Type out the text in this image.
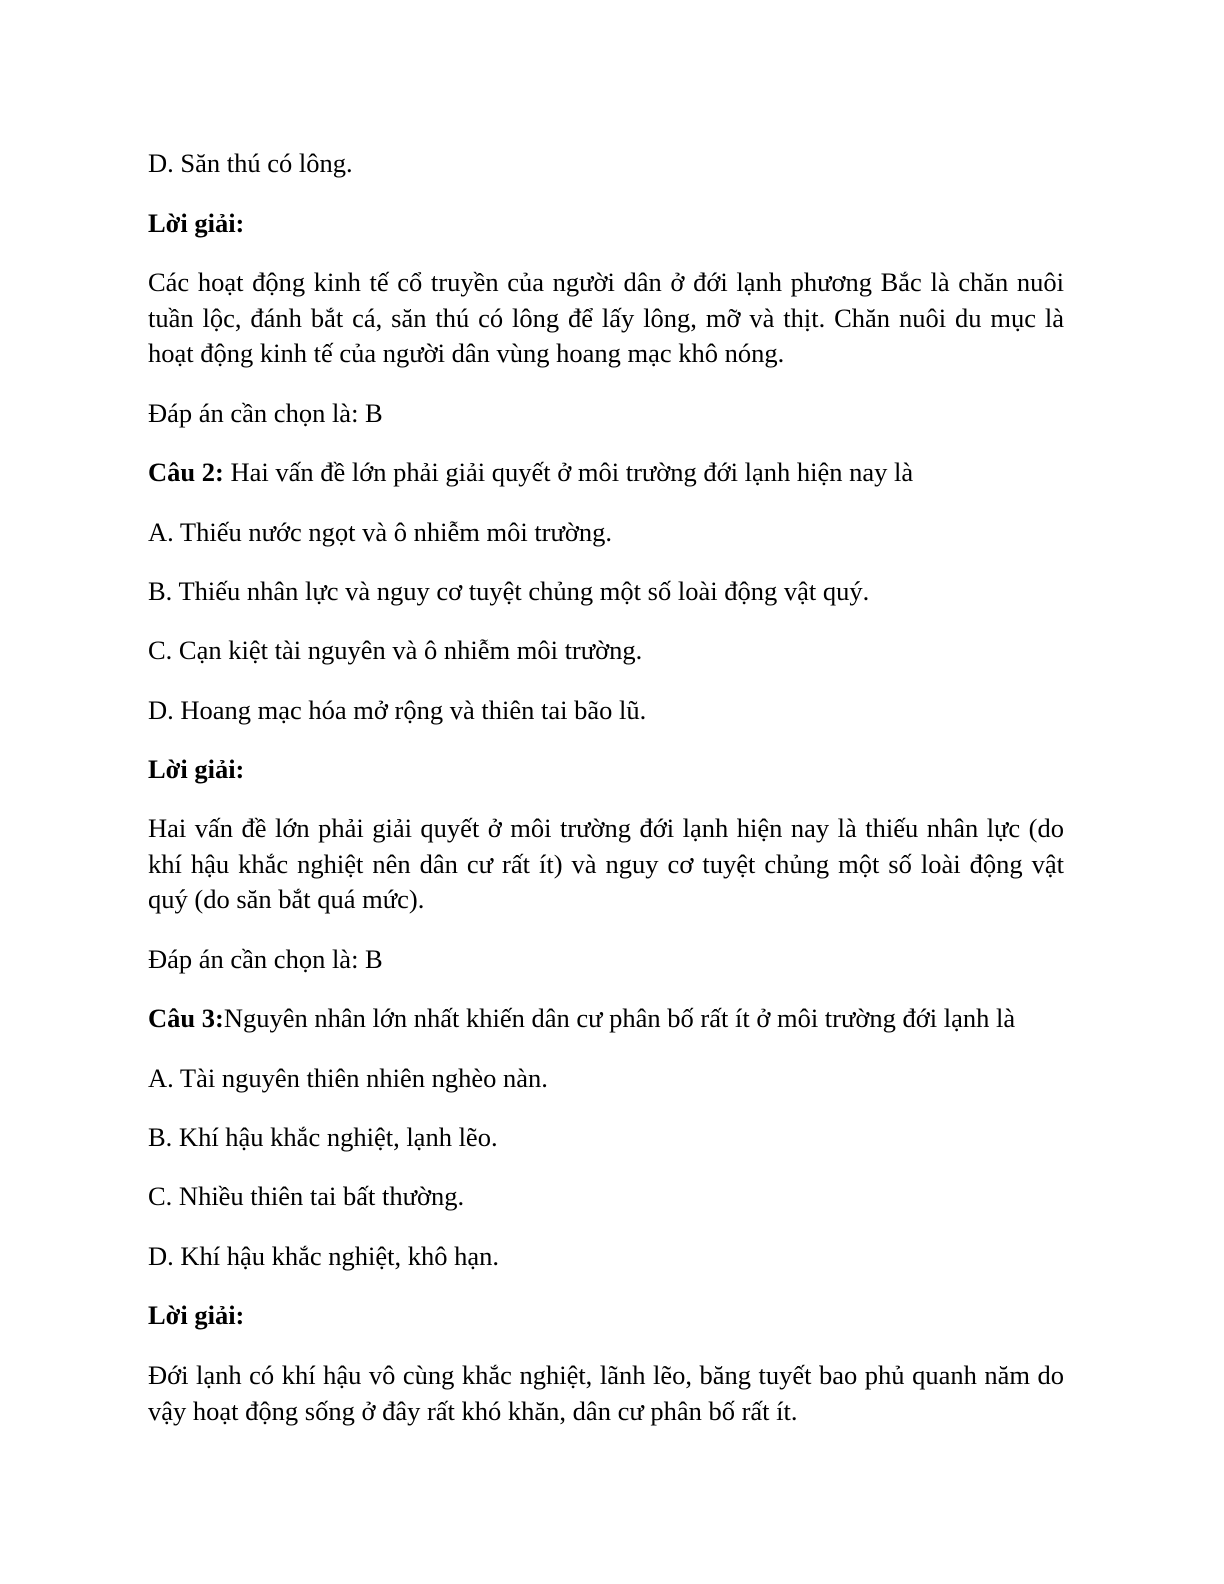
D. Săn thú có lông.
Lời giải:
Các hoạt động kinh tế cổ truyền của người dân ở đới lạnh phương Bắc là chăn nuôi tuần lộc, đánh bắt cá, săn thú có lông để lấy lông, mỡ và thịt. Chăn nuôi du mục là hoạt động kinh tế của người dân vùng hoang mạc khô nóng.
Đáp án cần chọn là: B
Câu 2: Hai vấn đề lớn phải giải quyết ở môi trường đới lạnh hiện nay là
A. Thiếu nước ngọt và ô nhiễm môi trường.
B. Thiếu nhân lực và nguy cơ tuyệt chủng một số loài động vật quý.
C. Cạn kiệt tài nguyên và ô nhiễm môi trường.
D. Hoang mạc hóa mở rộng và thiên tai bão lũ.
Lời giải:
Hai vấn đề lớn phải giải quyết ở môi trường đới lạnh hiện nay là thiếu nhân lực (do khí hậu khắc nghiệt nên dân cư rất ít) và nguy cơ tuyệt chủng một số loài động vật quý (do săn bắt quá mức).
Đáp án cần chọn là: B
Câu 3:Nguyên nhân lớn nhất khiến dân cư phân bố rất ít ở môi trường đới lạnh là
A. Tài nguyên thiên nhiên nghèo nàn.
B. Khí hậu khắc nghiệt, lạnh lẽo.
C. Nhiều thiên tai bất thường.
D. Khí hậu khắc nghiệt, khô hạn.
Lời giải:
Đới lạnh có khí hậu vô cùng khắc nghiệt, lãnh lẽo, băng tuyết bao phủ quanh năm do vậy hoạt động sống ở đây rất khó khăn, dân cư phân bố rất ít.
